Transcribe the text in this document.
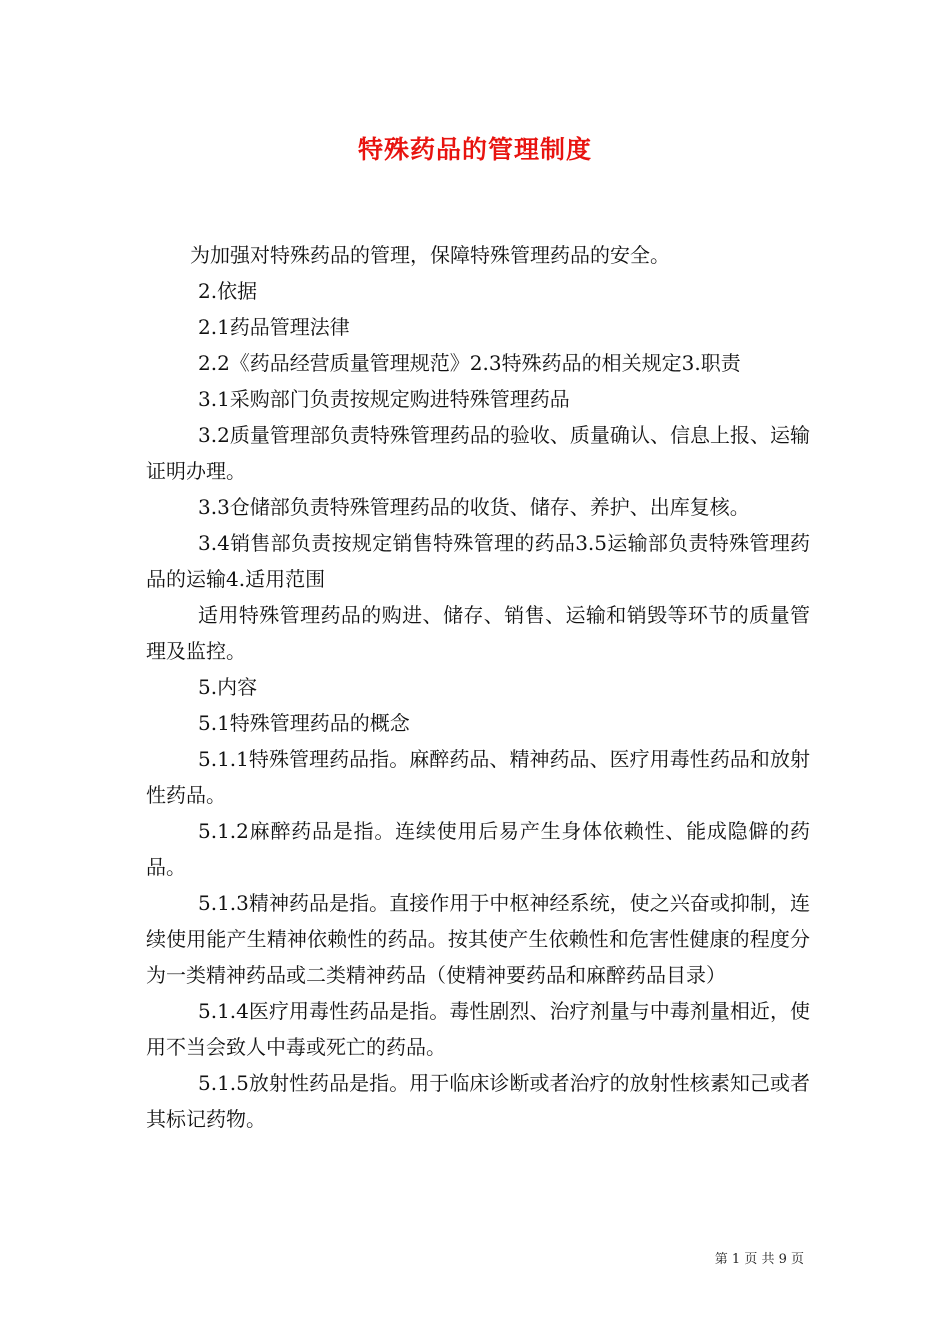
特殊药品的管理制度

为加强对特殊药品的管理，保障特殊管理药品的安全。

2.依据

2.1药品管理法律

2.2《药品经营质量管理规范》2.3特殊药品的相关规定3.职责

3.1采购部门负责按规定购进特殊管理药品

3.2质量管理部负责特殊管理药品的验收、质量确认、信息上报、运输证明办理。

3.3仓储部负责特殊管理药品的收货、储存、养护、出库复核。

3.4销售部负责按规定销售特殊管理的药品3.5运输部负责特殊管理药品的运输4.适用范围

适用特殊管理药品的购进、储存、销售、运输和销毁等环节的质量管理及监控。

5.内容

5.1特殊管理药品的概念

5.1.1特殊管理药品指。麻醉药品、精神药品、医疗用毒性药品和放射性药品。

5.1.2麻醉药品是指。连续使用后易产生身体依赖性、能成隐僻的药品。

5.1.3精神药品是指。直接作用于中枢神经系统，使之兴奋或抑制，连续使用能产生精神依赖性的药品。按其使产生依赖性和危害性健康的程度分为一类精神药品或二类精神药品（使精神要药品和麻醉药品目录）

5.1.4医疗用毒性药品是指。毒性剧烈、治疗剂量与中毒剂量相近，使用不当会致人中毒或死亡的药品。

5.1.5放射性药品是指。用于临床诊断或者治疗的放射性核素知己或者其标记药物。

第 1 页 共 9 页
